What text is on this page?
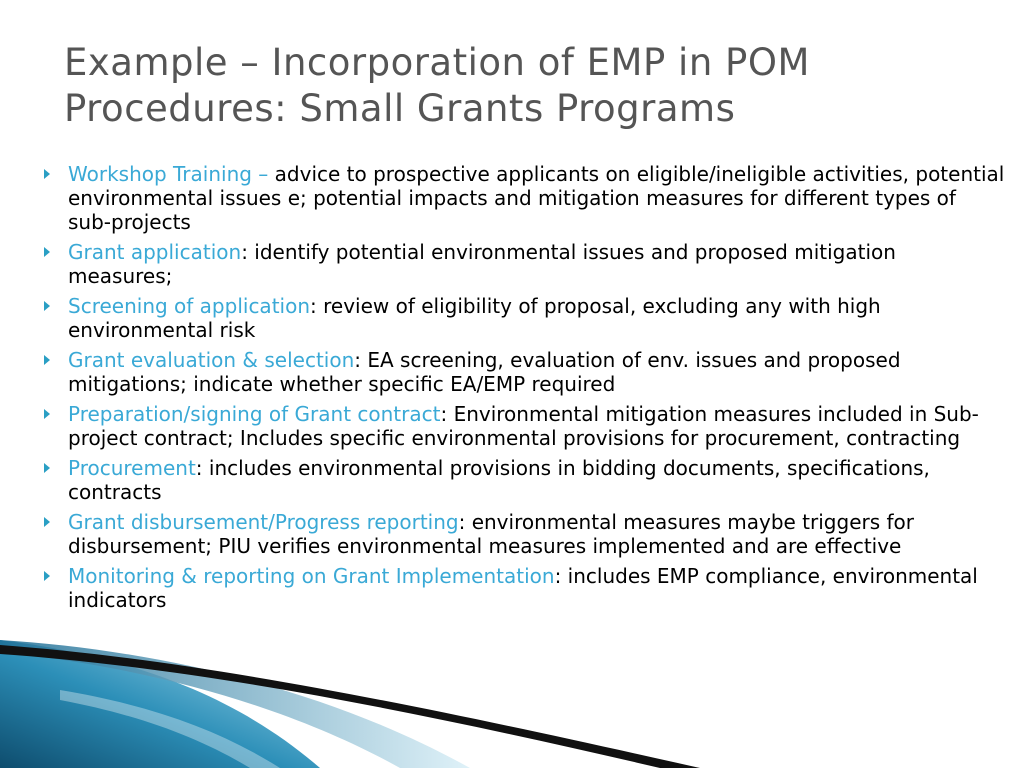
Example – Incorporation of EMP in POM
Procedures: Small Grants Programs
Workshop Training – advice to prospective applicants on eligible/ineligible activities, potential environmental issues e; potential impacts and mitigation measures for different types of sub-projects
Grant application: identify potential environmental issues and proposed mitigation measures;
Screening of application: review of eligibility of proposal, excluding any with high environmental risk
Grant evaluation & selection: EA screening, evaluation of env. issues and proposed mitigations; indicate whether specific EA/EMP required
Preparation/signing of Grant contract: Environmental mitigation measures included in Sub-project contract; Includes specific environmental provisions for procurement, contracting
Procurement: includes environmental provisions in bidding documents, specifications, contracts
Grant disbursement/Progress reporting: environmental measures maybe triggers for disbursement; PIU verifies environmental measures implemented and are effective
Monitoring & reporting on Grant Implementation: includes EMP compliance, environmental indicators
